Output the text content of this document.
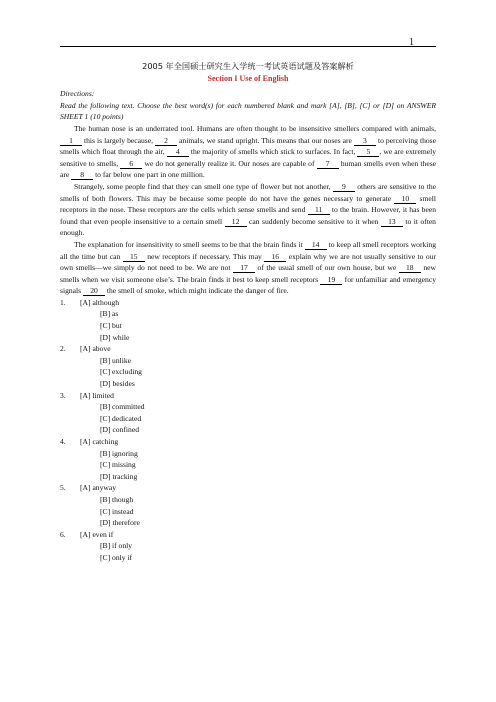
1
2005 年全国硕士研究生入学统一考试英语试题及答案解析
Section I Use of English
Directions:
Read the following text. Choose the best word(s) for each numbered blank and mark [A], [B], [C] or [D] on ANSWER SHEET 1 (10 points)
The human nose is an underrated tool. Humans are often thought to be insensitive smellers compared with animals, 1 this is largely because, 2 animals, we stand upright. This means that our noses are 3 to perceiving those smells which float through the air, 4 the majority of smells which stick to surfaces. In fact, 5 , we are extremely sensitive to smells, 6 we do not generally realize it. Our noses are capable of 7 human smells even when these are 8 to far below one part in one million.
Strangely, some people find that they can smell one type of flower but not another, 9 others are sensitive to the smells of both flowers. This may be because some people do not have the genes necessary to generate 10 smell receptors in the nose. These receptors are the cells which sense smells and send 11 to the brain. However, it has been found that even people insensitive to a certain smell 12 can suddenly become sensitive to it when 13 to it often enough.
The explanation for insensitivity to smell seems to be that the brain finds it 14 to keep all smell receptors working all the time but can 15 new receptors if necessary. This may 16 explain why we are not usually sensitive to our own smells—we simply do not need to be. We are not 17 of the usual smell of our own house, but we 18 new smells when we visit someone else’s. The brain finds it best to keep smell receptors 19 for unfamiliar and emergency signals 20 the smell of smoke, which might indicate the danger of fire.
1. [A] although
[B] as
[C] but
[D] while
2. [A] above
[B] unlike
[C] excluding
[D] besides
3. [A] limited
[B] committed
[C] dedicated
[D] confined
4. [A] catching
[B] ignoring
[C] missing
[D] tracking
5. [A] anyway
[B] though
[C] instead
[D] therefore
6. [A] even if
[B] if only
[C] only if
